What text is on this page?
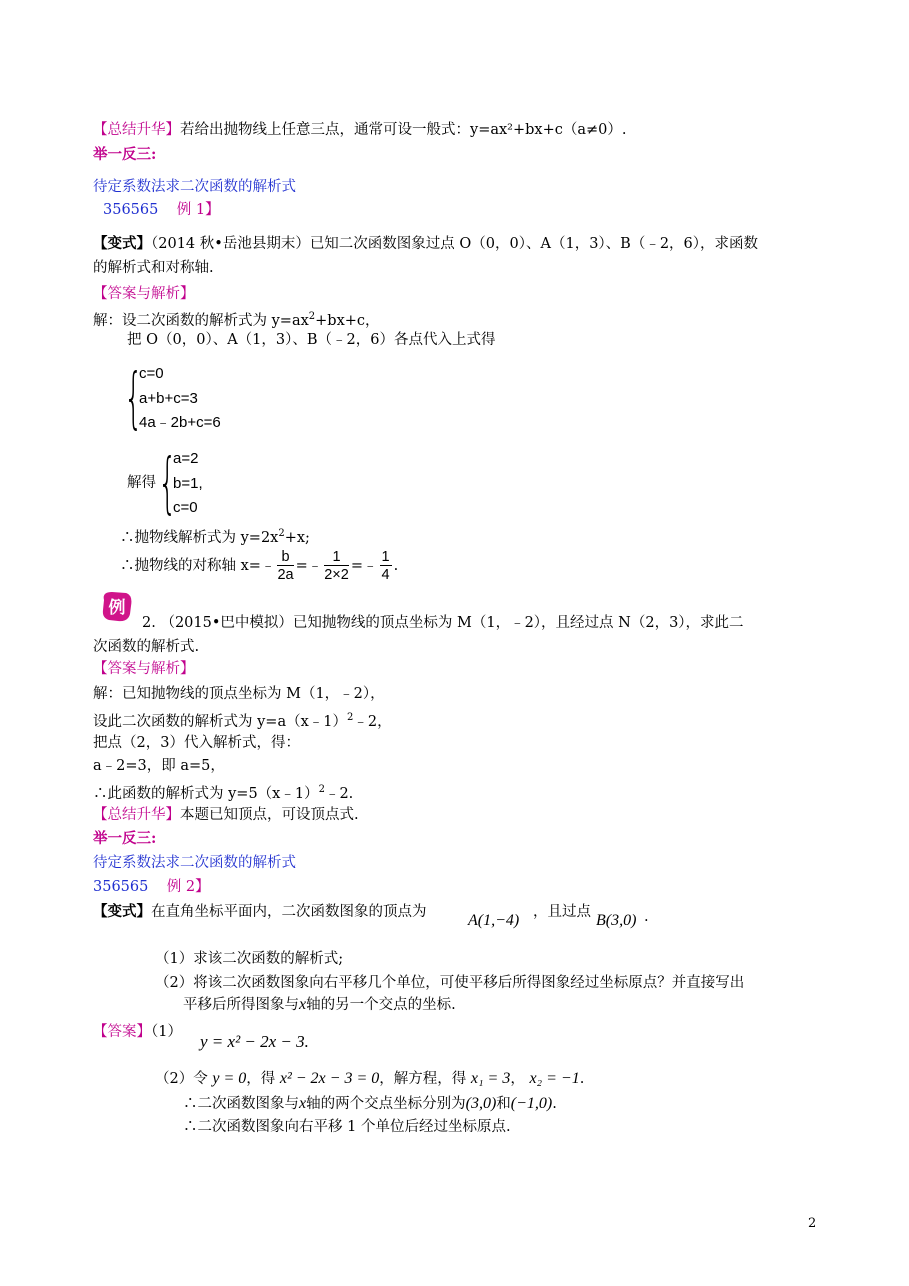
【总结升华】若给出抛物线上任意三点，通常可设一般式：y=ax²+bx+c（a≠0）.
举一反三:
待定系数法求二次函数的解析式
356565 例 1】
【变式】（2014 秋•岳池县期末）已知二次函数图象过点 O（0，0）、A（1，3）、B（﹣2，6），求函数
的解析式和对称轴.
【答案与解析】
解：设二次函数的解析式为 $y=ax^2+bx+c$，
把 O（0，0）、A（1，3）、B（﹣2，6）各点代入上式得
{
c=0
a+b+c=3
4a﹣2b+c=6
解得 {
a=2
b=1,
c=0
∴抛物线解析式为 $y=2x^2+x$;
∴抛物线的对称轴 x=﹣ $\frac{b}{2a}$ =﹣ $\frac{1}{2\times 2}$ =﹣ $\frac{1}{4}$ .
例
2. （2015•巴中模拟）已知抛物线的顶点坐标为 M（1，﹣2），且经过点 N（2，3），求此二
次函数的解析式.
【答案与解析】
解：已知抛物线的顶点坐标为 M（1，﹣2），
设此二次函数的解析式为 y=a（x﹣1）$^2$﹣2，
把点（2，3）代入解析式，得：
a﹣2=3，即 a=5，
∴此函数的解析式为 y=5（x﹣1）$^2$﹣2.
【总结升华】本题已知顶点，可设顶点式.
举一反三:
待定系数法求二次函数的解析式
356565 例 2】
【变式】在直角坐标平面内，二次函数图象的顶点为	A(1,−4) ，且过点 B(3,0) .
（1）求该二次函数的解析式;
（2）将该二次函数图象向右平移几个单位，可使平移后所得图象经过坐标原点？并直接写出
平移后所得图象与x轴的另一个交点的坐标.
【答案】（1） y = x² − 2x − 3.
（2）令 y = 0，得 x² − 2x − 3 = 0，解方程，得 x₁ = 3， x₂ = −1.
∴二次函数图象与x轴的两个交点坐标分别为(3,0)和(−1,0).
∴二次函数图象向右平移 1 个单位后经过坐标原点.
2
